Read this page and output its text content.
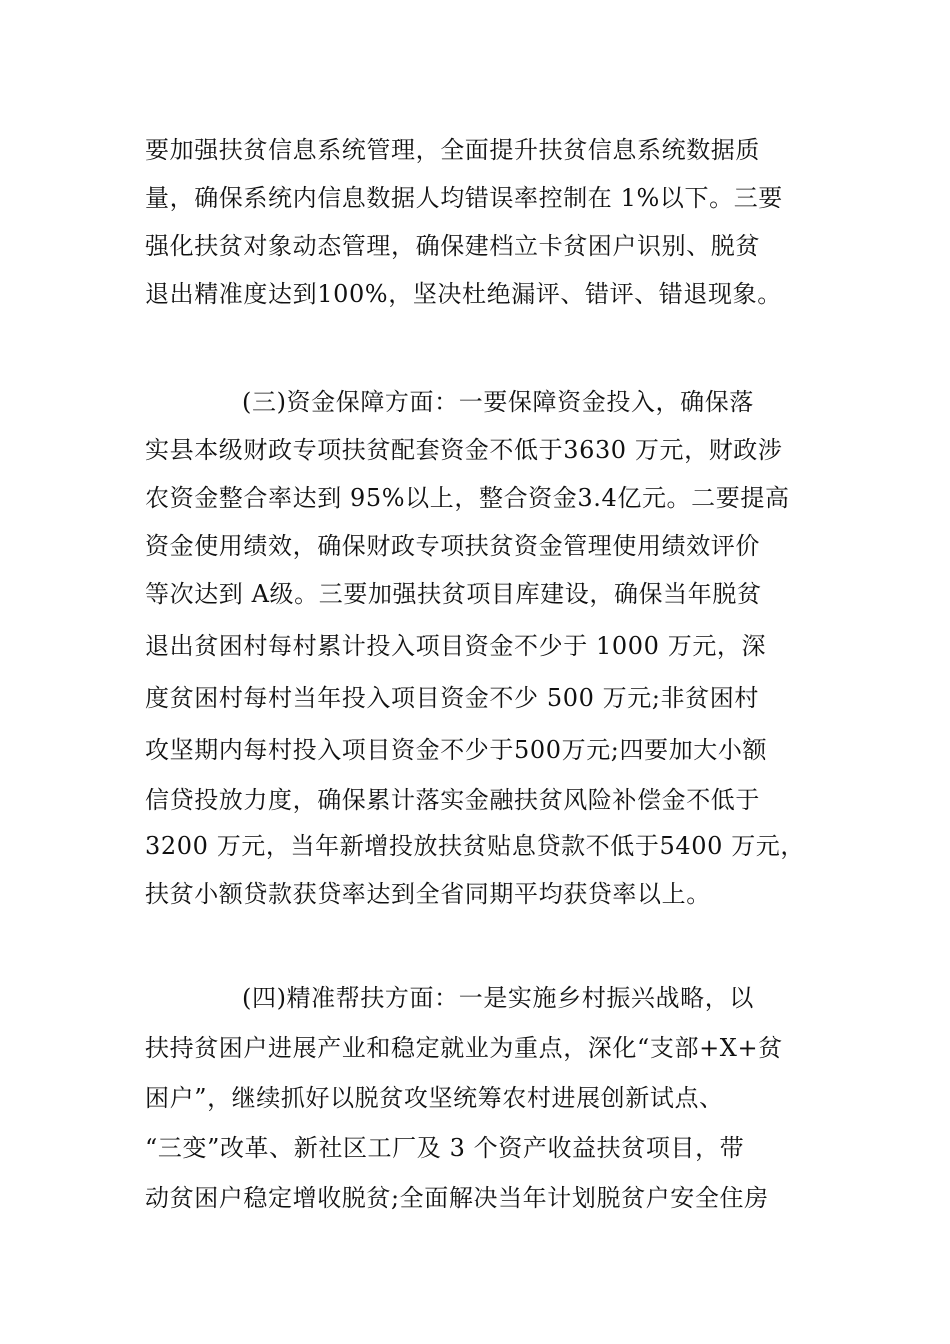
要加强扶贫信息系统管理，全面提升扶贫信息系统数据质

量，确保系统内信息数据人均错误率控制在 1%以下。三要

强化扶贫对象动态管理，确保建档立卡贫困户识别、脱贫

退出精准度达到100%，坚决杜绝漏评、错评、错退现象。

(三)资金保障方面：一要保障资金投入，确保落

实县本级财政专项扶贫配套资金不低于3630 万元，财政涉

农资金整合率达到 95%以上，整合资金3.4亿元。二要提高

资金使用绩效，确保财政专项扶贫资金管理使用绩效评价

等次达到 A级。三要加强扶贫项目库建设，确保当年脱贫

退出贫困村每村累计投入项目资金不少于 1000 万元，深

度贫困村每村当年投入项目资金不少 500 万元;非贫困村

攻坚期内每村投入项目资金不少于500万元;四要加大小额

信贷投放力度，确保累计落实金融扶贫风险补偿金不低于

3200 万元，当年新增投放扶贫贴息贷款不低于5400 万元，

扶贫小额贷款获贷率达到全省同期平均获贷率以上。

(四)精准帮扶方面：一是实施乡村振兴战略，以

扶持贫困户进展产业和稳定就业为重点，深化“支部+X+贫

困户”，继续抓好以脱贫攻坚统筹农村进展创新试点、

“三变”改革、新社区工厂及 3 个资产收益扶贫项目，带

动贫困户稳定增收脱贫;全面解决当年计划脱贫户安全住房
